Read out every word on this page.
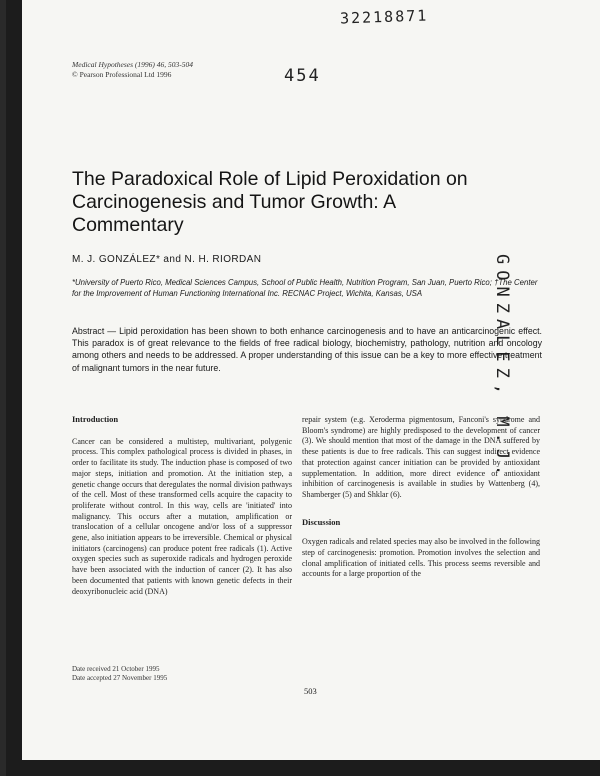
32218871
454
GONZALEZ, M.J.
Medical Hypotheses (1996) 46, 503-504
© Pearson Professional Ltd 1996
The Paradoxical Role of Lipid Peroxidation on Carcinogenesis and Tumor Growth: A Commentary
M. J. GONZÁLEZ* and N. H. RIORDAN
*University of Puerto Rico, Medical Sciences Campus, School of Public Health, Nutrition Program, San Juan, Puerto Rico; †The Center for the Improvement of Human Functioning International Inc. RECNAC Project, Wichita, Kansas, USA
Abstract — Lipid peroxidation has been shown to both enhance carcinogenesis and to have an anticarcinogenic effect. This paradox is of great relevance to the fields of free radical biology, biochemistry, pathology, nutrition and oncology among others and needs to be addressed. A proper understanding of this issue can be a key to more effective treatment of malignant tumors in the near future.
Introduction
Cancer can be considered a multistep, multivariant, polygenic process. This complex pathological process is divided in phases, in order to facilitate its study. The induction phase is composed of two major steps, initiation and promotion. At the initiation step, a genetic change occurs that deregulates the normal division pathways of the cell. Most of these transformed cells acquire the capacity to proliferate without control. In this way, cells are 'initiated' into malignancy. This occurs after a mutation, amplification or translocation of a cellular oncogene and/or loss of a suppressor gene, also initiation appears to be irreversible. Chemical or physical initiators (carcinogens) can produce potent free radicals (1). Active oxygen species such as superoxide radicals and hydrogen peroxide have been associated with the induction of cancer (2). It has also been documented that patients with known genetic defects in their deoxyribonucleic acid (DNA)
repair system (e.g. Xeroderma pigmentosum, Fanconi's syndrome and Bloom's syndrome) are highly predisposed to the development of cancer (3). We should mention that most of the damage in the DNA suffered by these patients is due to free radicals. This can suggest indirect evidence that protection against cancer initiation can be provided by antioxidant supplementation. In addition, more direct evidence of antioxidant inhibition of carcinogenesis is available in studies by Wattenberg (4), Shamberger (5) and Shklar (6).
Discussion
Oxygen radicals and related species may also be involved in the following step of carcinogenesis: promotion. Promotion involves the selection and clonal amplification of initiated cells. This process seems reversible and accounts for a large proportion of the
Date received 21 October 1995
Date accepted 27 November 1995
503
